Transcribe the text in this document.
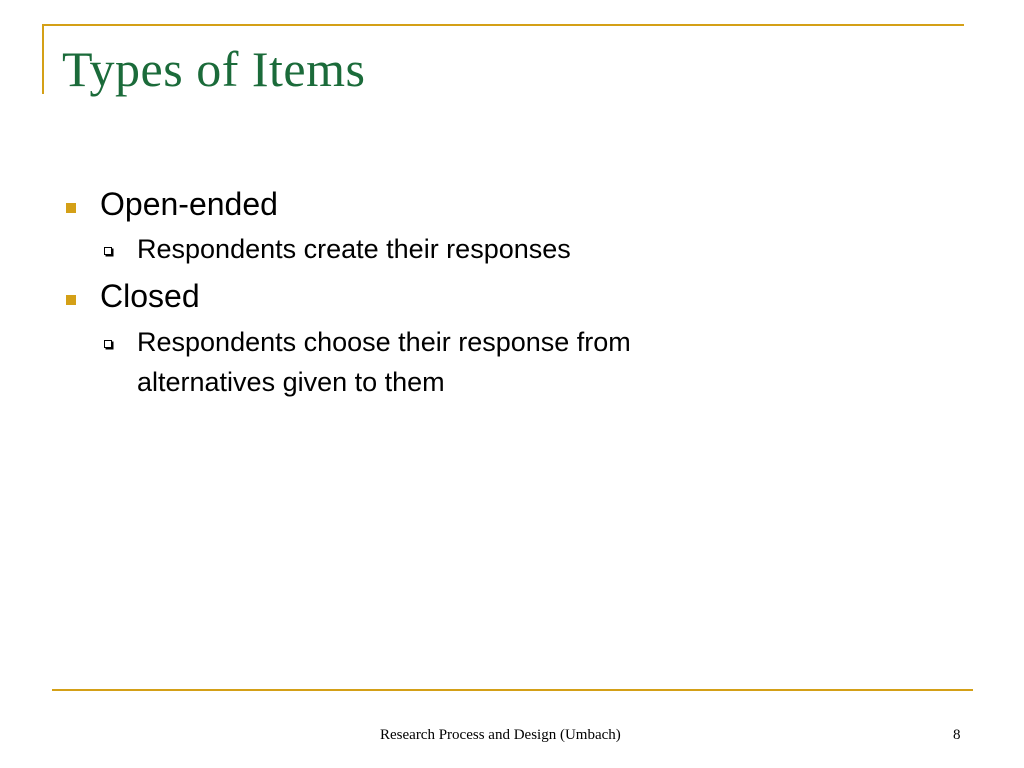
Types of Items

Open-ended

Respondents create their responses

Closed

Respondents choose their response from alternatives given to them

Research Process and Design (Umbach)	8
